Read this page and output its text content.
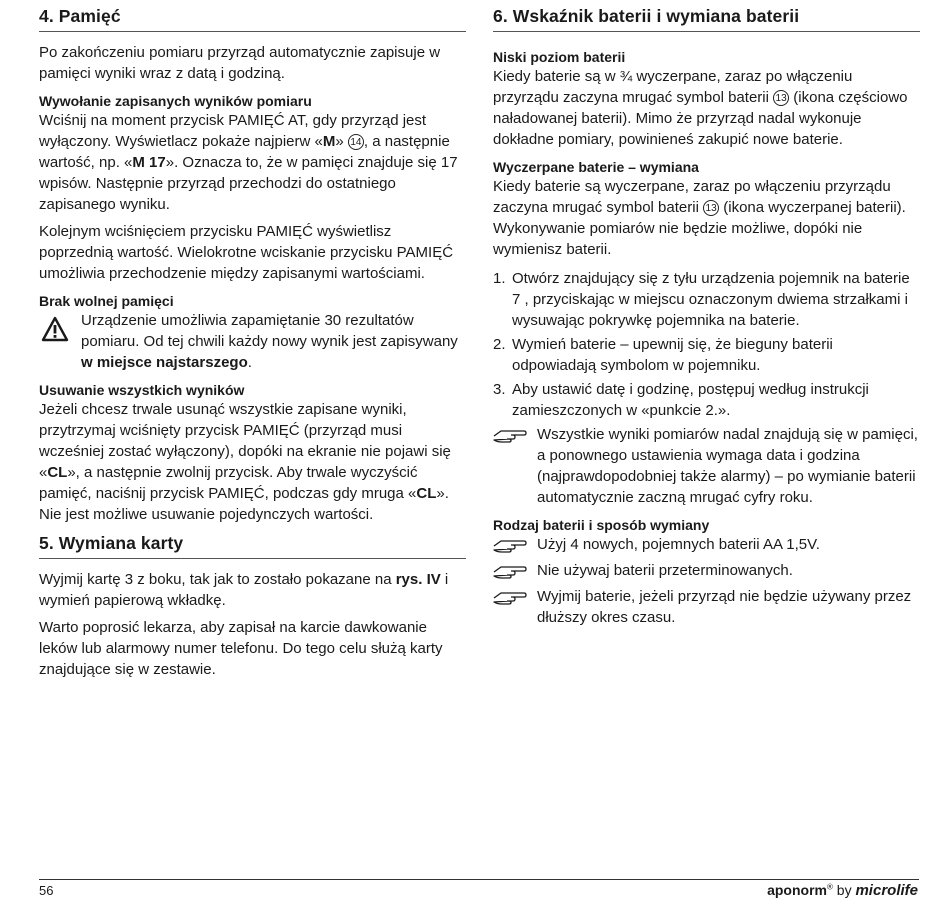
4. Pamięć

Po zakończeniu pomiaru przyrząd automatycznie zapisuje w pamięci wyniki wraz z datą i godziną.

Wywołanie zapisanych wyników pomiaru

Wciśnij na moment przycisk PAMIĘĆ AT, gdy przyrząd jest wyłączony. Wyświetlacz pokaże najpierw «M» 14 , a następnie wartość, np. «M 17». Oznacza to, że w pamięci znajduje się 17 wpisów. Następnie przyrząd przechodzi do ostatniego zapisanego wyniku.

Kolejnym wciśnięciem przycisku PAMIĘĆ wyświetlisz poprzednią wartość. Wielokrotne wciskanie przycisku PAMIĘĆ umożliwia przechodzenie między zapisanymi wartościami.

Brak wolnej pamięci

Urządzenie umożliwia zapamiętanie 30 rezultatów pomiaru. Od tej chwili każdy nowy wynik jest zapisywany w miejsce najstarszego.

Usuwanie wszystkich wyników

Jeżeli chcesz trwale usunąć wszystkie zapisane wyniki, przytrzymaj wciśnięty przycisk PAMIĘĆ (przyrząd musi wcześniej zostać wyłączony), dopóki na ekranie nie pojawi się «CL», a następnie zwolnij przycisk. Aby trwale wyczyścić pamięć, naciśnij przycisk PAMIĘĆ, podczas gdy mruga «CL». Nie jest możliwe usuwanie pojedynczych wartości.

5. Wymiana karty

Wyjmij kartę 3 z boku, tak jak to zostało pokazane na rys. IV i wymień papierową wkładkę.

Warto poprosić lekarza, aby zapisał na karcie dawkowanie leków lub alarmowy numer telefonu. Do tego celu służą karty znajdujące się w zestawie.

6. Wskaźnik baterii i wymiana baterii
Niski poziom baterii

Kiedy baterie są w ¾ wyczerpane, zaraz po włączeniu przyrządu zaczyna mrugać symbol baterii 13 (ikona częściowo naładowanej baterii). Mimo że przyrząd nadal wykonuje dokładne pomiary, powinieneś zakupić nowe baterie.

Wyczerpane baterie – wymiana

Kiedy baterie są wyczerpane, zaraz po włączeniu przyrządu zaczyna mrugać symbol baterii 13 (ikona wyczerpanej baterii). Wykonywanie pomiarów nie będzie możliwe, dopóki nie wymienisz baterii.

1. Otwórz znajdujący się z tyłu urządzenia pojemnik na baterie 7 , przyciskając w miejscu oznaczonym dwiema strzałkami i wysuwając pokrywkę pojemnika na baterie.
2. Wymień baterie – upewnij się, że bieguny baterii odpowiadają symbolom w pojemniku.
3. Aby ustawić datę i godzinę, postępuj według instrukcji zamieszczonych w «punkcie 2.».
Wszystkie wyniki pomiarów nadal znajdują się w pamięci, a ponownego ustawienia wymaga data i godzina (najprawdopodobniej także alarmy) – po wymianie baterii automatycznie zaczną mrugać cyfry roku.
Rodzaj baterii i sposób wymiany
Użyj 4 nowych, pojemnych baterii AA 1,5V.
Nie używaj baterii przeterminowanych.
Wyjmij baterie, jeżeli przyrząd nie będzie używany przez dłuższy okres czasu.
56	aponorm® by microlife
